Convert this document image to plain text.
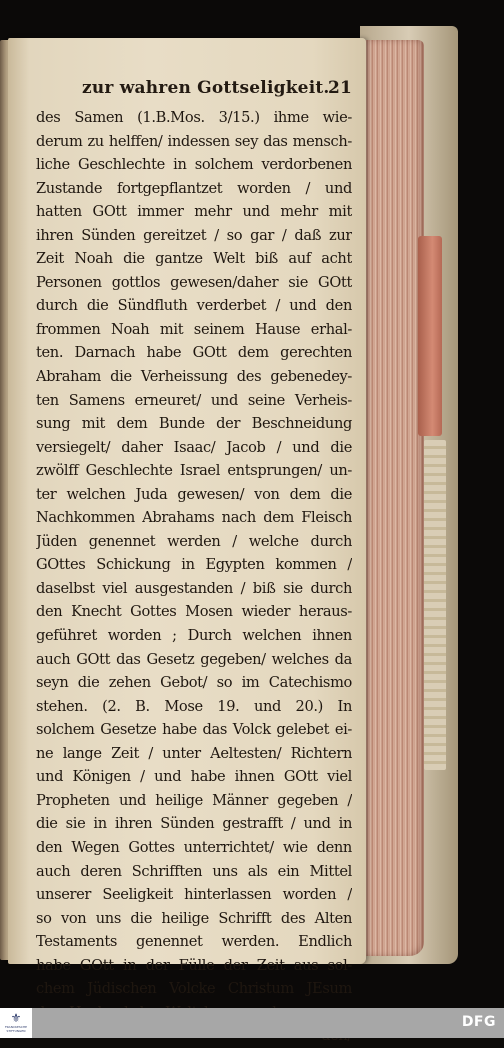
zur wahren Gottseligkeit.
21
des Samen (1.B.Mos. 3/15.) ihme wie-
derum zu helffen/ indessen sey das mensch-
liche Geschlechte in solchem verdorbenen
Zustande fortgepflantzet worden / und
hatten GOtt immer mehr und mehr mit
ihren Sünden gereitzet / so gar / daß zur
Zeit Noah die gantze Welt biß auf acht
Personen gottlos gewesen/daher sie GOtt
durch die Sündfluth verderbet / und den
frommen Noah mit seinem Hause erhal-
ten. Darnach habe GOtt dem gerechten
Abraham die Verheissung des gebenedey-
ten Samens erneuret/ und seine Verheis-
sung mit dem Bunde der Beschneidung
versiegelt/ daher Isaac/ Jacob / und die
zwölff Geschlechte Israel entsprungen/ un-
ter welchen Juda gewesen/ von dem die
Nachkommen Abrahams nach dem Fleisch
Jüden genennet werden / welche durch
GOttes Schickung in Egypten kommen /
daselbst viel ausgestanden / biß sie durch
den Knecht Gottes Mosen wieder heraus-
geführet worden ; Durch welchen ihnen
auch GOtt das Gesetz gegeben/ welches da
seyn die zehen Gebot/ so im Catechismo
stehen. (2. B. Mose 19. und 20.) In
solchem Gesetze habe das Volck gelebet ei-
ne lange Zeit / unter Aeltesten/ Richtern
und Königen / und habe ihnen GOtt viel
Propheten und heilige Männer gegeben /
die sie in ihren Sünden gestrafft / und in
den Wegen Gottes unterrichtet/ wie denn
auch deren Schrifften uns als ein Mittel
unserer Seeligkeit hinterlassen worden /
so von uns die heilige Schrifft des Alten
Testaments genennet werden. Endlich
habe GOtt in der Fülle der Zeit aus sol-
chem Jüdischen Volcke Christum JEsum
⚜
FRANCKESCHE STIFTUNGEN
DFG
